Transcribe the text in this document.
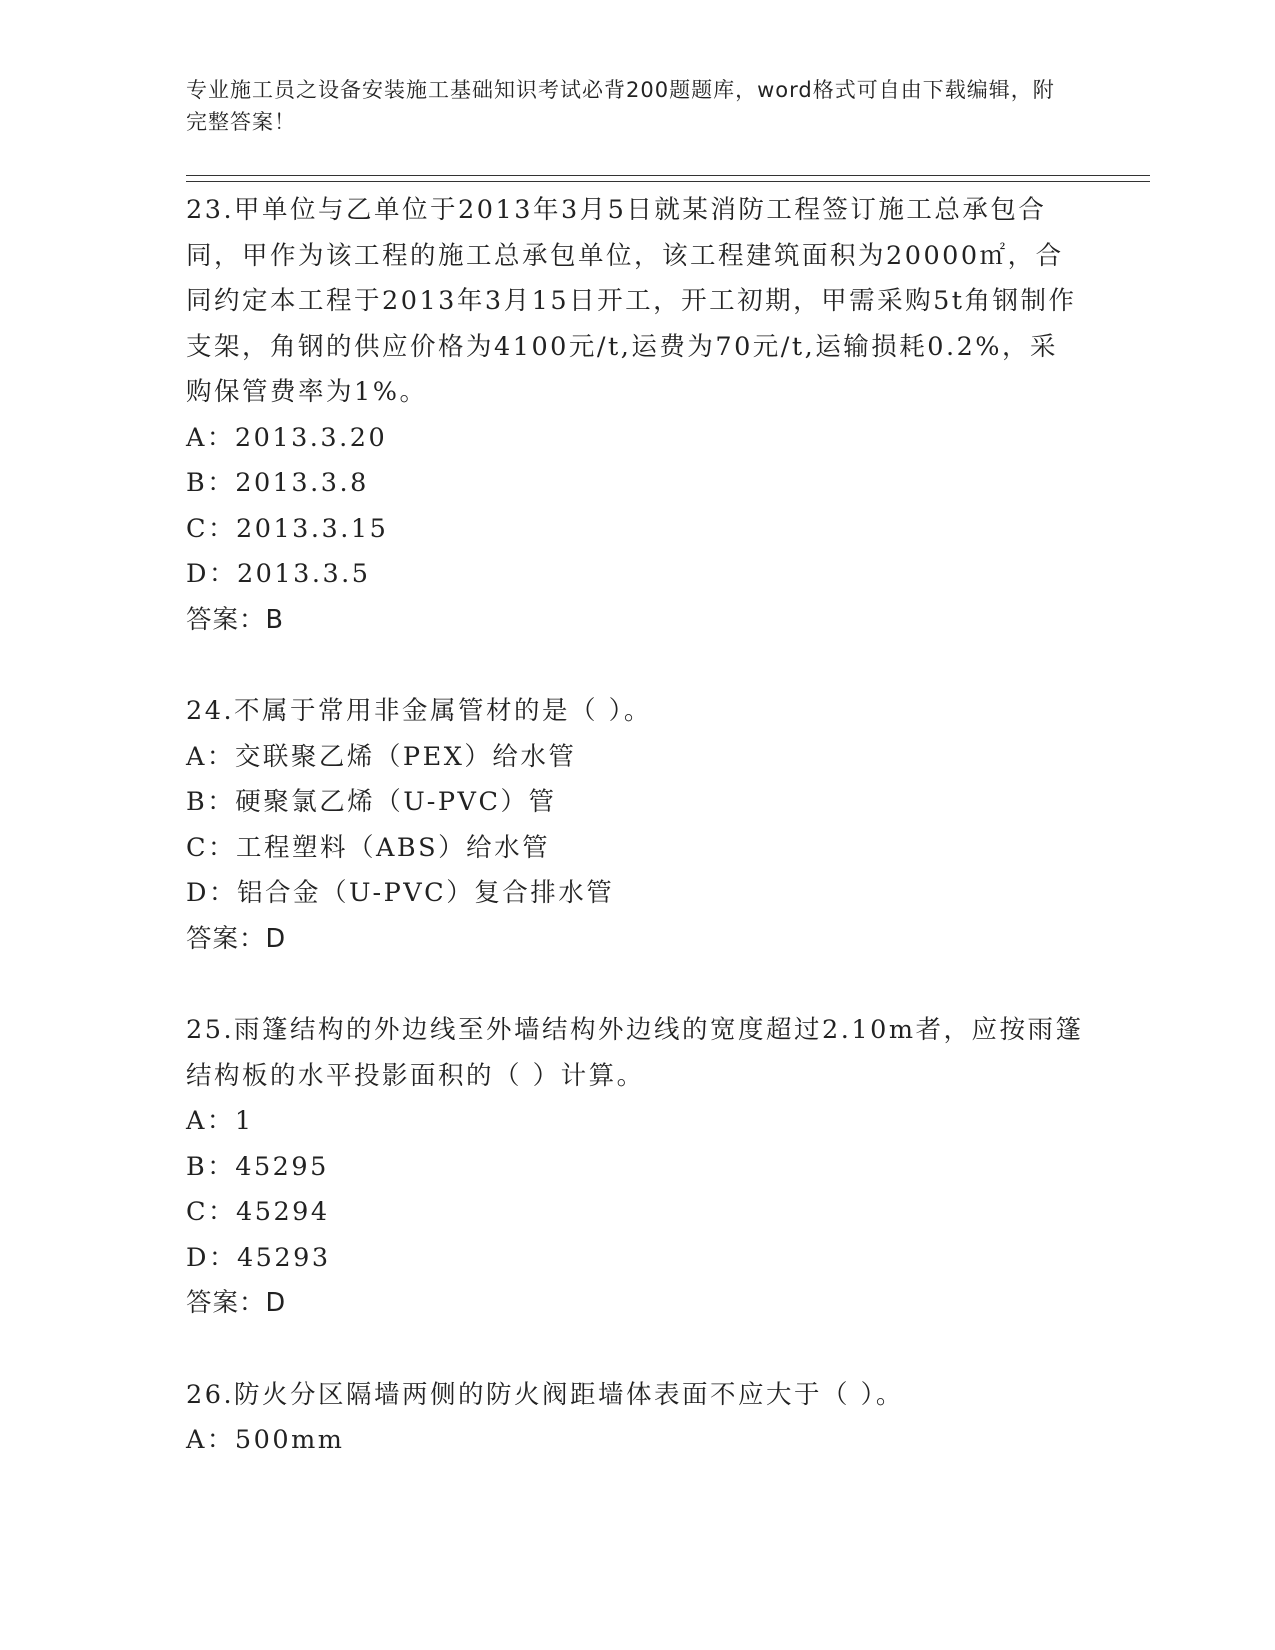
专业施工员之设备安装施工基础知识考试必背200题题库，word格式可自由下载编辑，附完整答案！

23.甲单位与乙单位于2013年3月5日就某消防工程签订施工总承包合同，甲作为该工程的施工总承包单位，该工程建筑面积为20000㎡，合同约定本工程于2013年3月15日开工，开工初期，甲需采购5t角钢制作支架，角钢的供应价格为4100元/t,运费为70元/t,运输损耗0.2%，采购保管费率为1%。

A：2013.3.20
B：2013.3.8
C：2013.3.15
D：2013.3.5

答案：B

24.不属于常用非金属管材的是（ ）。

A：交联聚乙烯（PEX）给水管
B：硬聚氯乙烯（U-PVC）管
C：工程塑料（ABS）给水管
D：铝合金（U-PVC）复合排水管

答案：D

25.雨篷结构的外边线至外墙结构外边线的宽度超过2.10m者，应按雨篷结构板的水平投影面积的（ ）计算。

A：1
B：45295
C：45294
D：45293

答案：D

26.防火分区隔墙两侧的防火阀距墙体表面不应大于（ ）。

A：500mm
